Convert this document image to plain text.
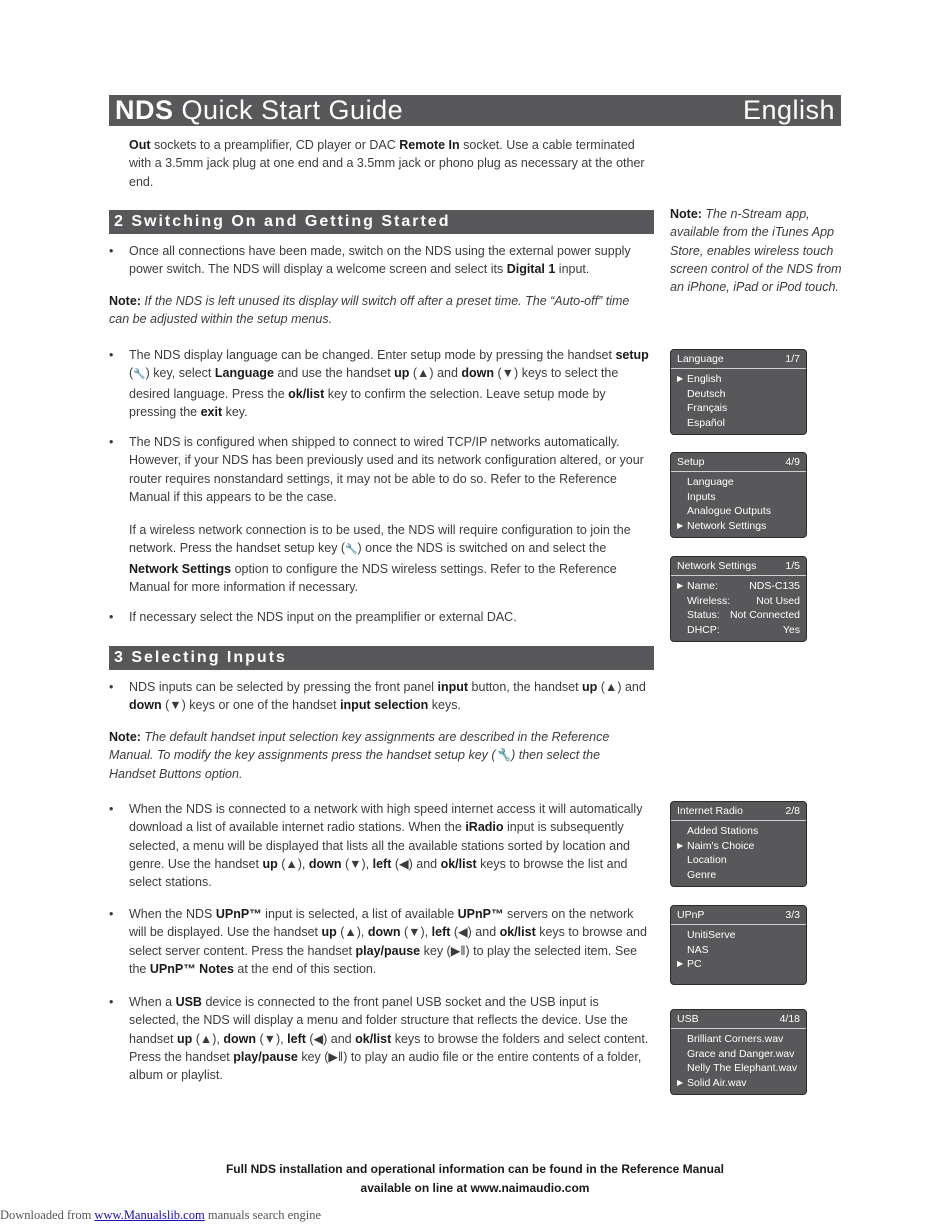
NDS Quick Start Guide	English
Out sockets to a preamplifier, CD player or DAC Remote In socket. Use a cable terminated with a 3.5mm jack plug at one end and a 3.5mm jack or phono plug as necessary at the other end.
2 Switching On and Getting Started
• Once all connections have been made, switch on the NDS using the external power supply power switch. The NDS will display a welcome screen and select its Digital 1 input.
Note: If the NDS is left unused its display will switch off after a preset time. The “Auto-off” time can be adjusted within the setup menus.
• The NDS display language can be changed. Enter setup mode by pressing the handset setup (🔧) key, select Language and use the handset up (▲) and down (▼) keys to select the desired language. Press the ok/list key to confirm the selection. Leave setup mode by pressing the exit key.
• The NDS is configured when shipped to connect to wired TCP/IP networks automatically. However, if your NDS has been previously used and its network configuration altered, or your router requires nonstandard settings, it may not be able to do so. Refer to the Reference Manual if this appears to be the case.
If a wireless network connection is to be used, the NDS will require configuration to join the network. Press the handset setup key (🔧) once the NDS is switched on and select the Network Settings option to configure the NDS wireless settings. Refer to the Reference Manual for more information if necessary.
• If necessary select the NDS input on the preamplifier or external DAC.
3 Selecting Inputs
• NDS inputs can be selected by pressing the front panel input button, the handset up (▲) and down (▼) keys or one of the handset input selection keys.
Note: The default handset input selection key assignments are described in the Reference Manual. To modify the key assignments press the handset setup key (🔧) then select the Handset Buttons option.
• When the NDS is connected to a network with high speed internet access it will automatically download a list of available internet radio stations. When the iRadio input is subsequently selected, a menu will be displayed that lists all the available stations sorted by location and genre. Use the handset up (▲), down (▼), left (◀) and ok/list keys to browse the list and select stations.
• When the NDS UPnP™ input is selected, a list of available UPnP™ servers on the network will be displayed. Use the handset up (▲), down (▼), left (◀) and ok/list keys to browse and select server content. Press the handset play/pause key (▶‖) to play the selected item. See the UPnP™ Notes at the end of this section.
• When a USB device is connected to the front panel USB socket and the USB input is selected, the NDS will display a menu and folder structure that reflects the device. Use the handset up (▲), down (▼), left (◀) and ok/list keys to browse the folders and select content. Press the handset play/pause key (▶‖) to play an audio file or the entire contents of a folder, album or playlist.
Note: The n-Stream app, available from the iTunes App Store, enables wireless touch screen control of the NDS from an iPhone, iPad or iPod touch.
Language	1/7
▶ English
Deutsch
Français
Español
Setup	4/9
Language
Inputs
Analogue Outputs
▶ Network Settings
Network Settings	1/5
▶ Name:	NDS-C135
Wireless: Not Used
Status: Not Connected
DHCP:	Yes
Internet Radio	2/8
Added Stations
▶ Naim's Choice
Location
Genre
UPnP	3/3
UnitiServe
NAS
▶ PC
USB	4/18
Brilliant Corners.wav
Grace and Danger.wav
Nelly The Elephant.wav
▶ Solid Air.wav
Full NDS installation and operational information can be found in the Reference Manual
available on line at www.naimaudio.com
Downloaded from www.Manualslib.com manuals search engine
